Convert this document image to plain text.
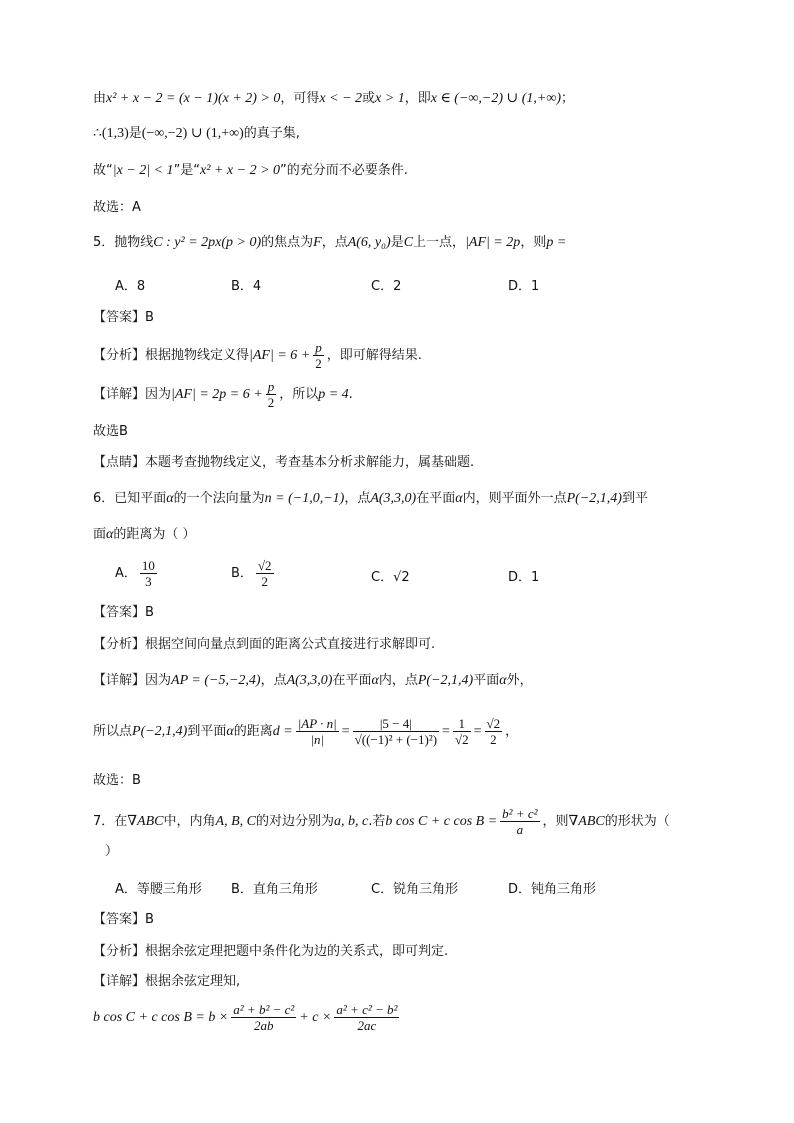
由x² + x − 2 = (x − 1)(x + 2) > 0，可得x < − 2或x > 1，即x ∈ (−∞,−2) ∪ (1,+∞)；
∴(1,3)是(−∞,−2) ∪ (1,+∞)的真子集,
故“|x − 2| < 1”是“x² + x − 2 > 0”的充分而不必要条件.
故选：A
5．抛物线C : y² = 2px(p > 0)的焦点为F，点A(6, y₀)是C上一点，|AF| = 2p，则p =
A．8	B．4	C．2	D．1
【答案】B
【分析】根据抛物线定义得$|AF| = 6 + \frac{p}{2}$ ，即可解得结果.
【详解】因为$|AF| = 2p = 6 + \frac{p}{2}$ ，所以p = 4.
故选B
【点睛】本题考查抛物线定义，考查基本分析求解能力，属基础题.
6．已知平面α的一个法向量为n = (−1,0,−1)，点A(3,3,0)在平面α内，则平面外一点P(−2,1,4)到平
面α的距离为（ ）
A． $\frac{10}{3}$	B． $\frac{√2}{2}$	C．√2	D．1
【答案】B
【分析】根据空间向量点到面的距离公式直接进行求解即可.
【详解】因为AP = (−5,−2,4)，点A(3,3,0)在平面α内，点P(−2,1,4)平面α外，
所以点P(−2,1,4)到平面α的距离$d = \frac{|AP \cdot n|}{|n|} = \frac{|5 - 4|}{\text{√((−1)² + (−1)²)}} = \frac{1}{√2} = \frac{√2}{2}$ ，
故选：B
7．在∇ABC中，内角A, B, C的对边分别为a, b, c.若b cos C + c $\cos B = \frac{\text{b² + c²}}{a}$ ，则∇ABC的形状为（
）
A．等腰三角形 B．直角三角形	C．锐角三角形	D．钝角三角形
【答案】B
【分析】根据余弦定理把题中条件化为边的关系式，即可判定.
【详解】根据余弦定理知,
b cos C + c $\cos B = b \times \frac{\text{a² + b² − c²}}{2ab} + c \times \frac{\text{a² + c² − b²}}{2ac}$
